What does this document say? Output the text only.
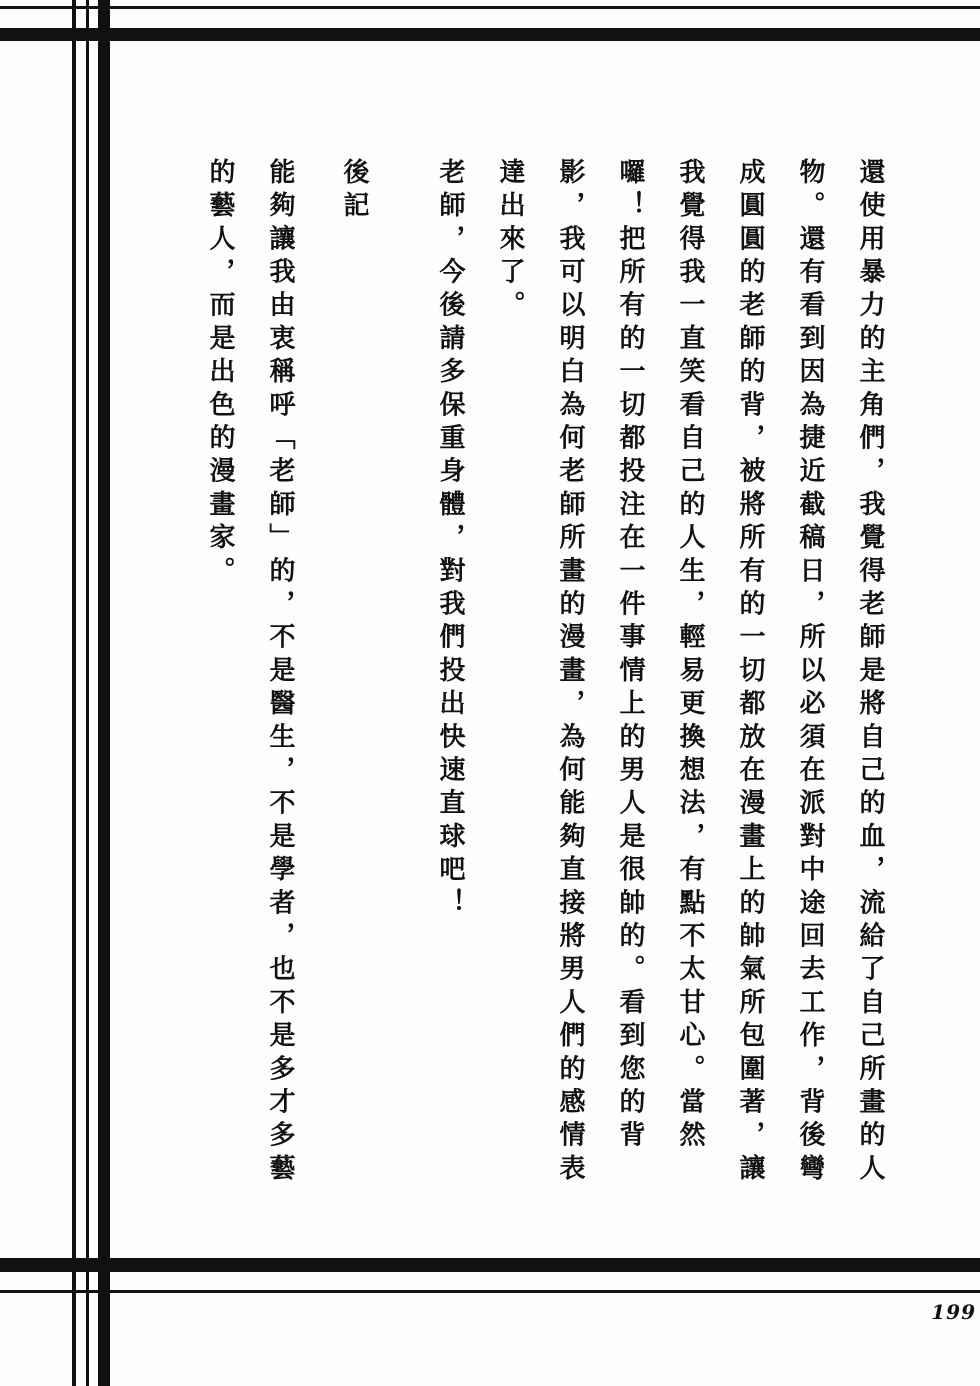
還使用暴力的主角們，我覺得老師是將自己的血，流給了自己所畫的人物。還有看到因為捷近截稿日，所以必須在派對中途回去工作，背後彎成圓圓的老師的背，被將所有的一切都放在漫畫上的帥氣所包圍著，讓我覺得我一直笑看自己的人生，輕易更換想法，有點不太甘心。當然囉！把所有的一切都投注在一件事情上的男人是很帥的。看到您的背影，我可以明白為何老師所畫的漫畫，為何能夠直接將男人們的感情表達出來了。

老師，今後請多保重身體，對我們投出快速直球吧！

後記

能夠讓我由衷稱呼「老師」的，不是醫生，不是學者，也不是多才多藝的藝人，而是出色的漫畫家。

199
